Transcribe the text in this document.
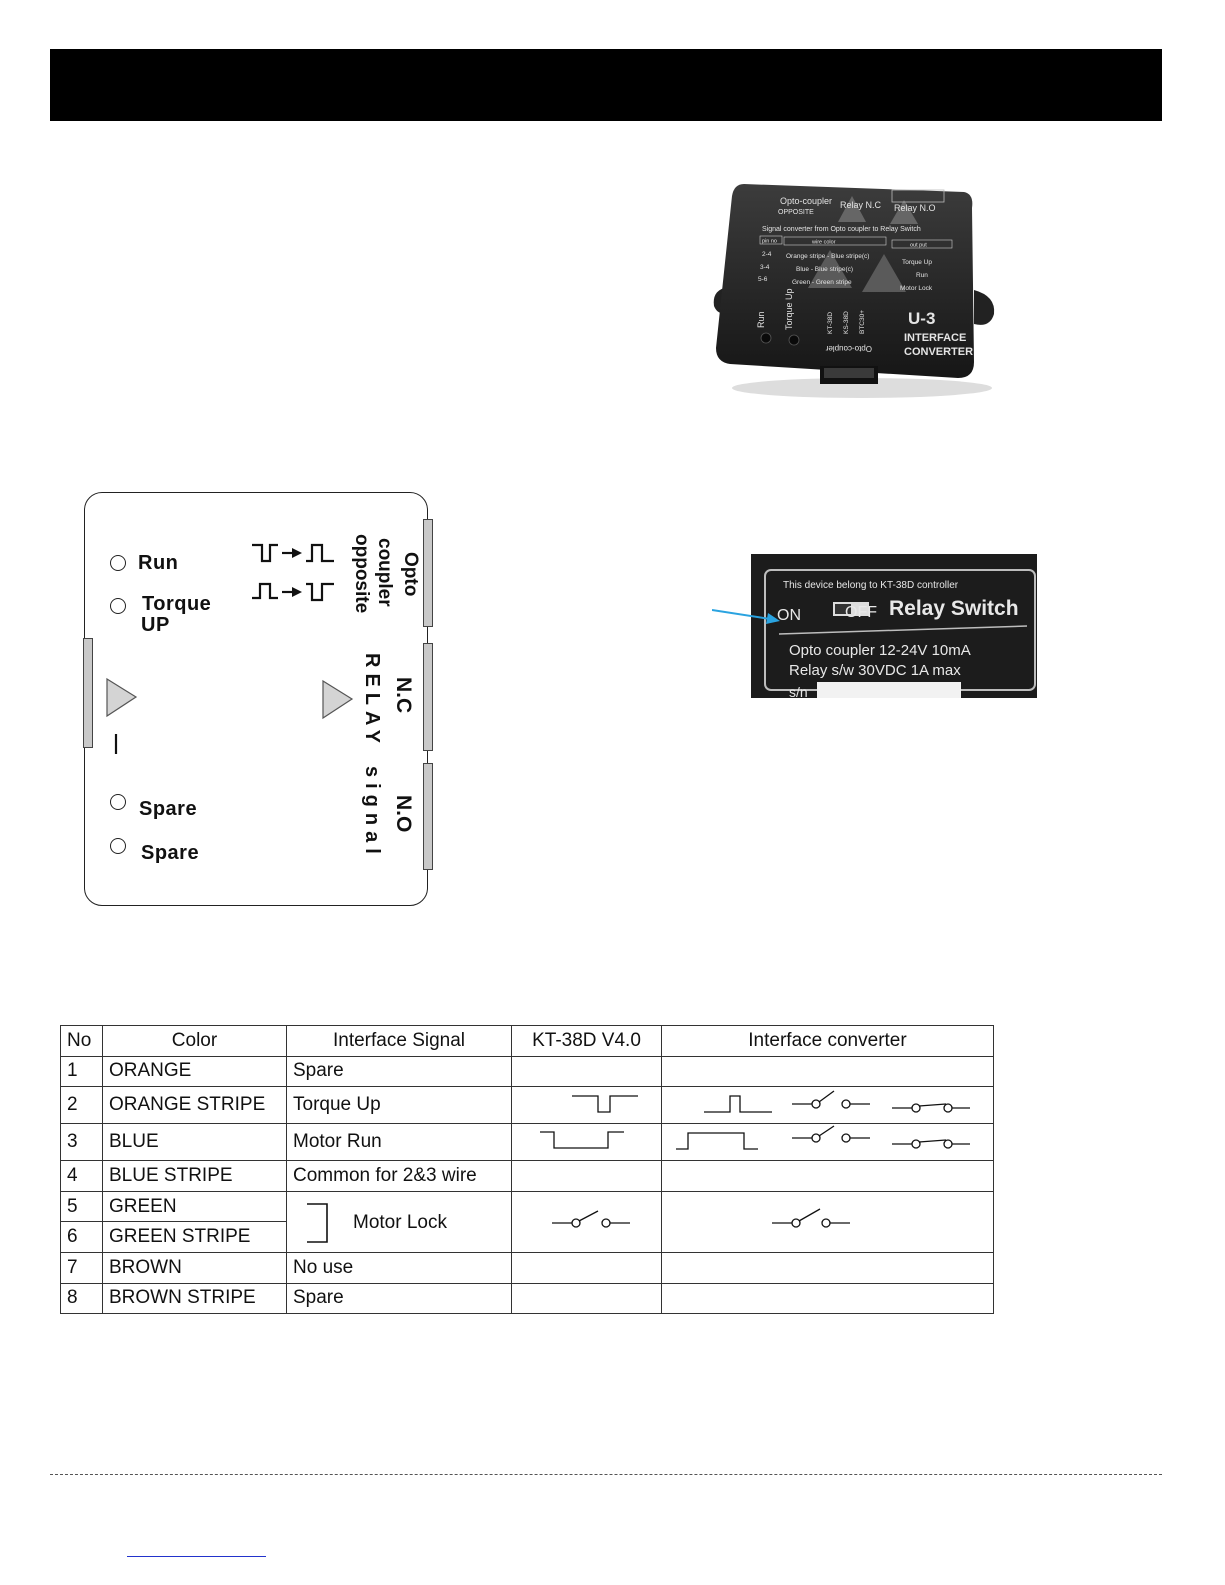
Opto-coupler
OPPOSITE
Relay N.C Relay N.O
Signal converter from Opto coupler to Relay Switch
pin no	wire color	out put
2-4 Orange stripe - Blue stripe(c)
Torque Up
3-4	Blue - Blue stripe(c)
Run
5-6	Green - Green stripe
Motor Lock
Run Torque Up	KT-38D KS-38D BTC30+
Opto-coupler
U-3
INTERFACE
CONVERTER
Run
Torque
UP
Opto
coupler
opposite
N.C
RELAY
N.O
signal
Spare
Spare
This device belong to KT-38D controller
ON	OFF Relay Switch
Opto coupler 12-24V 10mA
Relay s/w 30VDC 1A max
s/n
No	Color	Interface Signal	KT-38D V4.0	Interface converter
1	ORANGE	Spare		
2	ORANGE STRIPE	Torque Up		
3	BLUE	Motor Run		
4	BLUE STRIPE	Common for 2&3 wire		
5	GREEN	Motor Lock

6	GREEN STRIPE			
7	BROWN	No use		
8	BROWN STRIPE	Spare		
